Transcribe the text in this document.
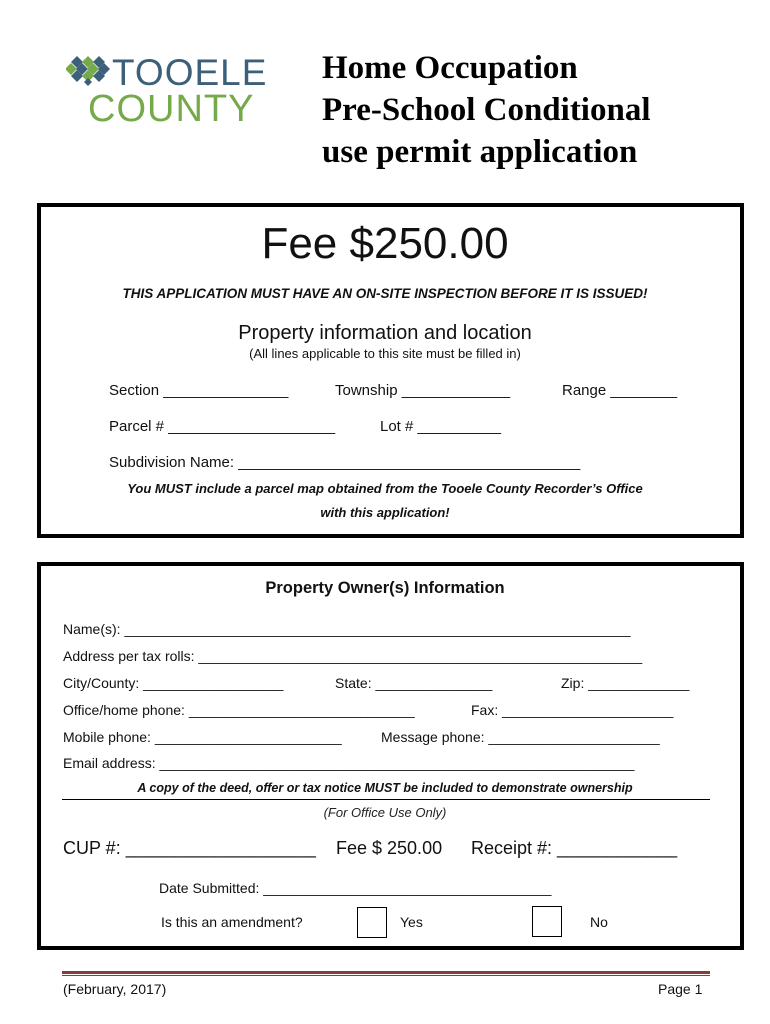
TOOELE
COUNTY
Home Occupation
Pre-School Conditional
use permit application
Fee $250.00
THIS APPLICATION MUST HAVE AN ON-SITE INSPECTION BEFORE IT IS ISSUED!
Property information and location
(All lines applicable to this site must be filled in)
Section _______________	Township _____________	Range ________
Parcel # ____________________	Lot # __________
Subdivision Name: _________________________________________
You MUST include a parcel map obtained from the Tooele County Recorder’s Office
with this application!
Property Owner(s) Information
Name(s): _________________________________________________________________
Address per tax rolls: _________________________________________________________
City/County: __________________	State: _______________	Zip: _____________
Office/home phone: _____________________________	Fax: ______________________
Mobile phone: ________________________	Message phone: ______________________
Email address: _____________________________________________________________
A copy of the deed, offer or tax notice MUST be included to demonstrate ownership
(For Office Use Only)
CUP #: ___________________ Fee $ 250.00 Receipt #: ____________
Date Submitted: _____________________________________
Is this an amendment?	Yes	No
(February, 2017)	Page 1
